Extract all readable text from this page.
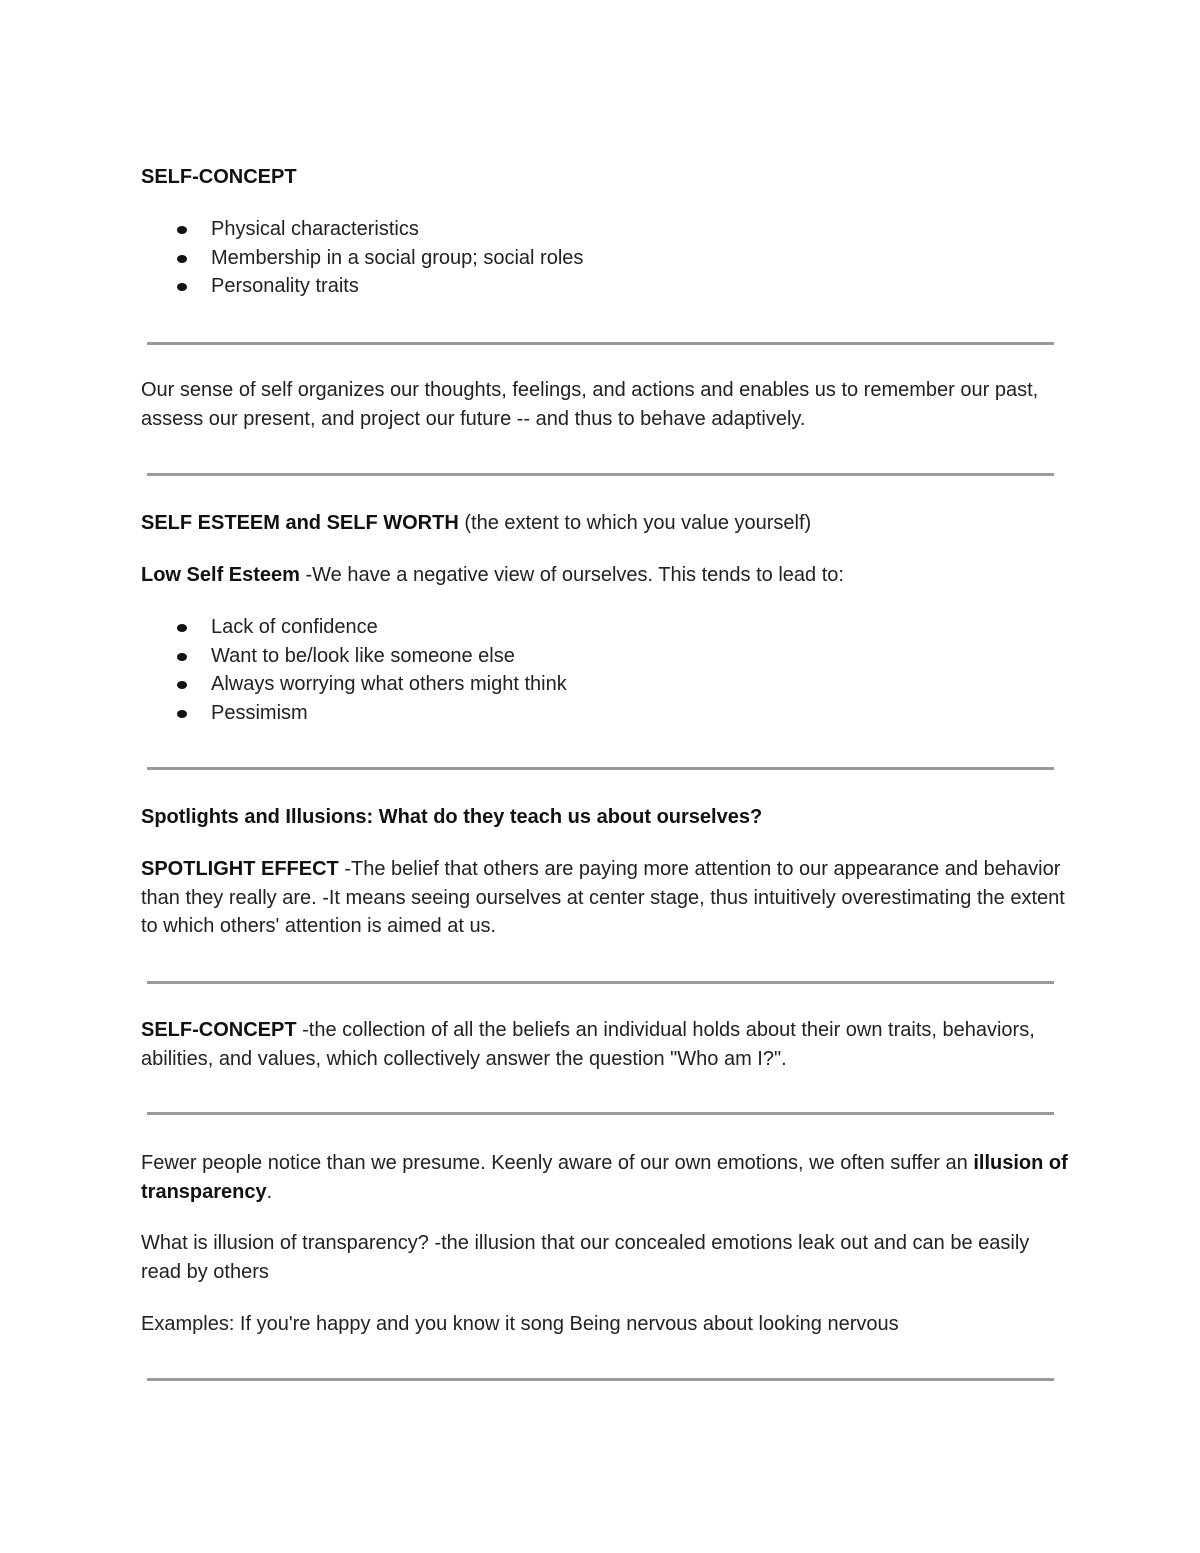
SELF-CONCEPT

Physical characteristics
Membership in a social group; social roles
Personality traits

Our sense of self organizes our thoughts, feelings, and actions and enables us to remember our past, assess our present, and project our future -- and thus to behave adaptively.

SELF ESTEEM and SELF WORTH (the extent to which you value yourself)

Low Self Esteem -We have a negative view of ourselves. This tends to lead to:

Lack of confidence
Want to be/look like someone else
Always worrying what others might think
Pessimism

Spotlights and Illusions: What do they teach us about ourselves?

SPOTLIGHT EFFECT -The belief that others are paying more attention to our appearance and behavior than they really are. -It means seeing ourselves at center stage, thus intuitively overestimating the extent to which others' attention is aimed at us.

SELF-CONCEPT -the collection of all the beliefs an individual holds about their own traits, behaviors, abilities, and values, which collectively answer the question "Who am I?".

Fewer people notice than we presume. Keenly aware of our own emotions, we often suffer an illusion of transparency.

What is illusion of transparency? -the illusion that our concealed emotions leak out and can be easily read by others

Examples: If you're happy and you know it song Being nervous about looking nervous
